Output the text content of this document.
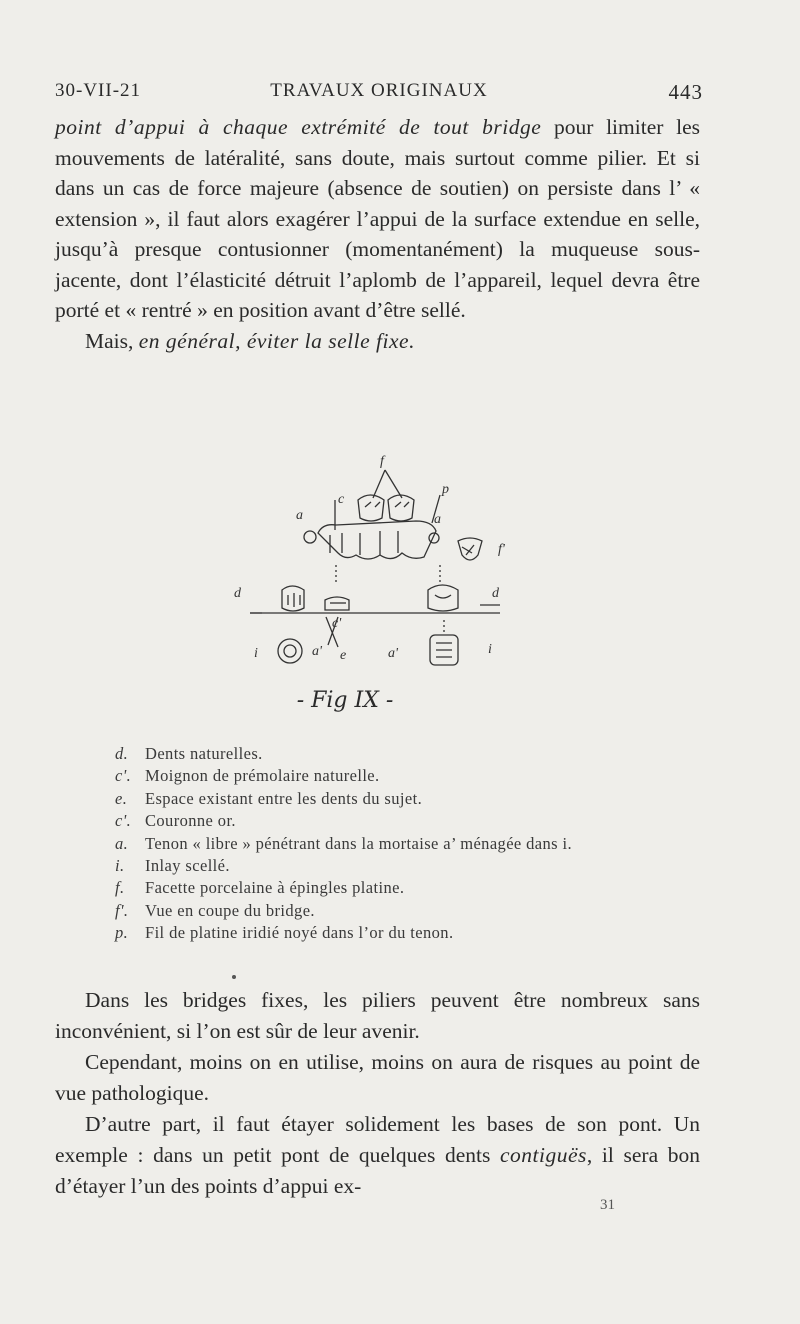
30-VII-21	TRAVAUX ORIGINAUX	443

point d’appui à chaque extrémité de tout bridge pour limiter les mouvements de latéralité, sans doute, mais surtout comme pilier. Et si dans un cas de force majeure (absence de soutien) on persiste dans l’ « extension », il faut alors exagérer l’appui de la surface extendue en selle, jusqu’à presque contusionner (momentanément) la muqueuse sous-jacente, dont l’élasticité détruit l’aplomb de l’appareil, lequel devra être porté et « rentré » en position avant d’être sellé.

Mais, en général, éviter la selle fixe.

f
c
p
a	a
f'
d	d
c'
i	a' e	a'	i
- Fig IX -
d.	Dents naturelles.
c'. Moignon de prémolaire naturelle.
e.	Espace existant entre les dents du sujet.
c'. Couronne or.
a.	Tenon « libre » pénétrant dans la mortaise a’ ménagée dans i.
i.	Inlay scellé.
f.	Facette porcelaine à épingles platine.
f'.	Vue en coupe du bridge.
p.	Fil de platine iridié noyé dans l’or du tenon.

Dans les bridges fixes, les piliers peuvent être nombreux sans inconvénient, si l’on est sûr de leur avenir.

Cependant, moins on en utilise, moins on aura de risques au point de vue pathologique.

D’autre part, il faut étayer solidement les bases de son pont. Un exemple : dans un petit pont de quelques dents contiguës, il sera bon d’étayer l’un des points d’appui ex-

31
